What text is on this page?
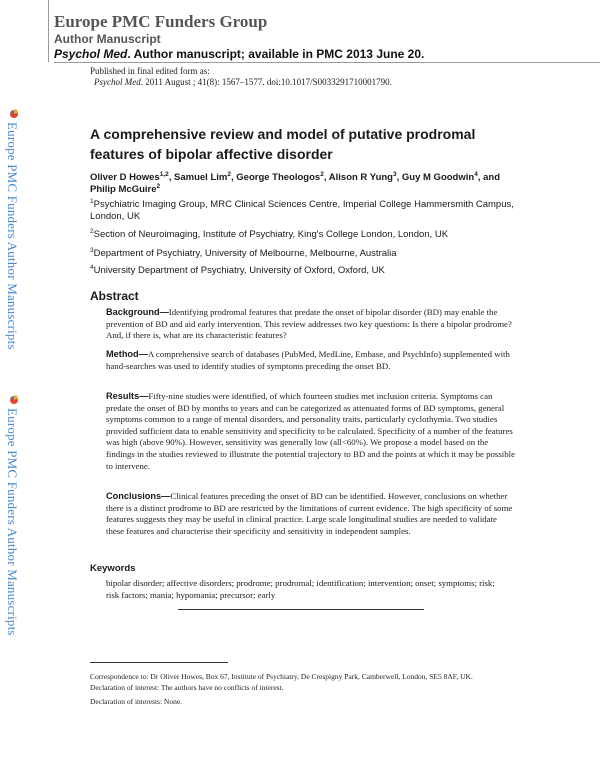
Europe PMC Funders Group
Author Manuscript
Psychol Med. Author manuscript; available in PMC 2013 June 20.
Published in final edited form as:
Psychol Med. 2011 August ; 41(8): 1567–1577. doi:10.1017/S0033291710001790.
Europe PMC Funders Author Manuscripts
Europe PMC Funders Author Manuscripts
A comprehensive review and model of putative prodromal features of bipolar affective disorder
Oliver D Howes$^{1,2}$, Samuel Lim$^2$, George Theologos$^2$, Alison R Yung$^3$, Guy M Goodwin$^4$, and Philip McGuire$^2$
$^1$Psychiatric Imaging Group, MRC Clinical Sciences Centre, Imperial College Hammersmith Campus, London, UK
$^2$Section of Neuroimaging, Institute of Psychiatry, King's College London, London, UK
$^3$Department of Psychiatry, University of Melbourne, Melbourne, Australia
$^4$University Department of Psychiatry, University of Oxford, Oxford, UK
Abstract
Background—Identifying prodromal features that predate the onset of bipolar disorder (BD) may enable the prevention of BD and aid early intervention. This review addresses two key questions: Is there a bipolar prodrome? And, if there is, what are its characteristic features?
Method—A comprehensive search of databases (PubMed, MedLine, Embase, and PsychInfo) supplemented with hand-searches was used to identify studies of symptoms preceding the onset BD.
Results—Fifty-nine studies were identified, of which fourteen studies met inclusion criteria. Symptoms can predate the onset of BD by months to years and can be categorized as attenuated forms of BD symptoms, general symptoms common to a range of mental disorders, and personality traits, particularly cyclothymia. Two studies provided sufficient data to enable sensitivity and specificity to be calculated. Specificity of a number of the features was high (above 90%). However, sensitivity was generally low (all<60%). We propose a model based on the findings in the studies reviewed to illustrate the potential trajectory to BD and the points at which it may be possible to intervene.
Conclusions—Clinical features preceding the onset of BD can be identified. However, conclusions on whether there is a distinct prodrome to BD are restricted by the limitations of current evidence. The high specificity of some features suggests they may be useful in clinical practice. Large scale longitudinal studies are needed to validate these features and characterise their specificity and sensitivity in independent samples.
Keywords
bipolar disorder; affective disorders; prodrome; prodromal; identification; intervention; onset; symptoms; risk; risk factors; mania; hypomania; precursor; early
Correspondence to: Dr Oliver Howes, Box 67, Institute of Psychiatry, De Crespigny Park, Camberwell, London, SE5 8AF, UK.
Declaration of interest: The authors have no conflicts of interest.
Declaration of interests: None.
